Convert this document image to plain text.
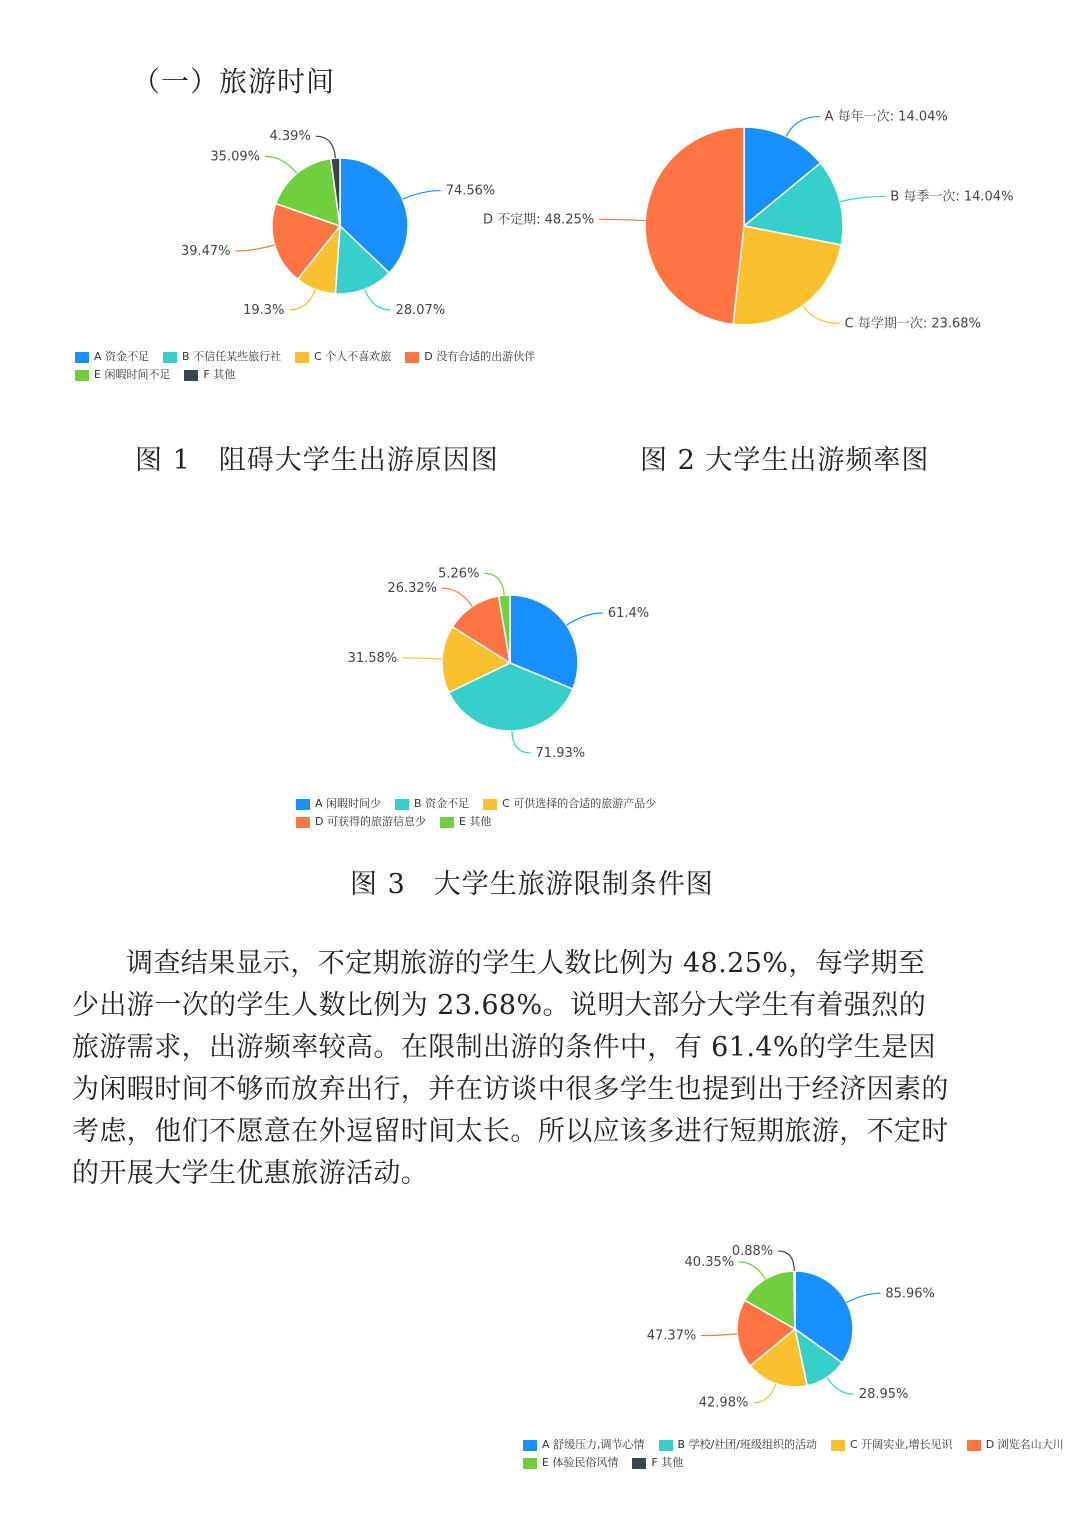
（一）旅游时间
74.56%
28.07%
19.3%
39.47%
35.09%
4.39%
A 资金不足	B 不信任某些旅行社	C 个人不喜欢旅	D 没有合适的出游伙伴

E 闲暇时间不足	F 其他
A 每年一次: 14.04%
B 每季一次: 14.04%
C 每学期一次: 23.68%
D 不定期: 48.25%
图 1　阻碍大学生出游原因图	图 2 大学生出游频率图
61.4%
71.93%
31.58%
26.32%
5.26%
A 闲暇时间少	B 资金不足	C 可供选择的合适的旅游产品少

D 可获得的旅游信息少	E 其他
图 3　大学生旅游限制条件图

调查结果显示，不定期旅游的学生人数比例为 48.25%，每学期至少出游一次的学生人数比例为 23.68%。说明大部分大学生有着强烈的旅游需求，出游频率较高。在限制出游的条件中，有 61.4%的学生是因为闲暇时间不够而放弃出行，并在访谈中很多学生也提到出于经济因素的考虑，他们不愿意在外逗留时间太长。所以应该多进行短期旅游，不定时的开展大学生优惠旅游活动。

85.96%
28.95%
42.98%
47.37%
40.35%
0.88%
A 舒缓压力,调节心情	B 学校/社团/班级组织的活动	C 开阔实业,增长见识	D 浏览名山大川

E 体验民俗风情	F 其他
